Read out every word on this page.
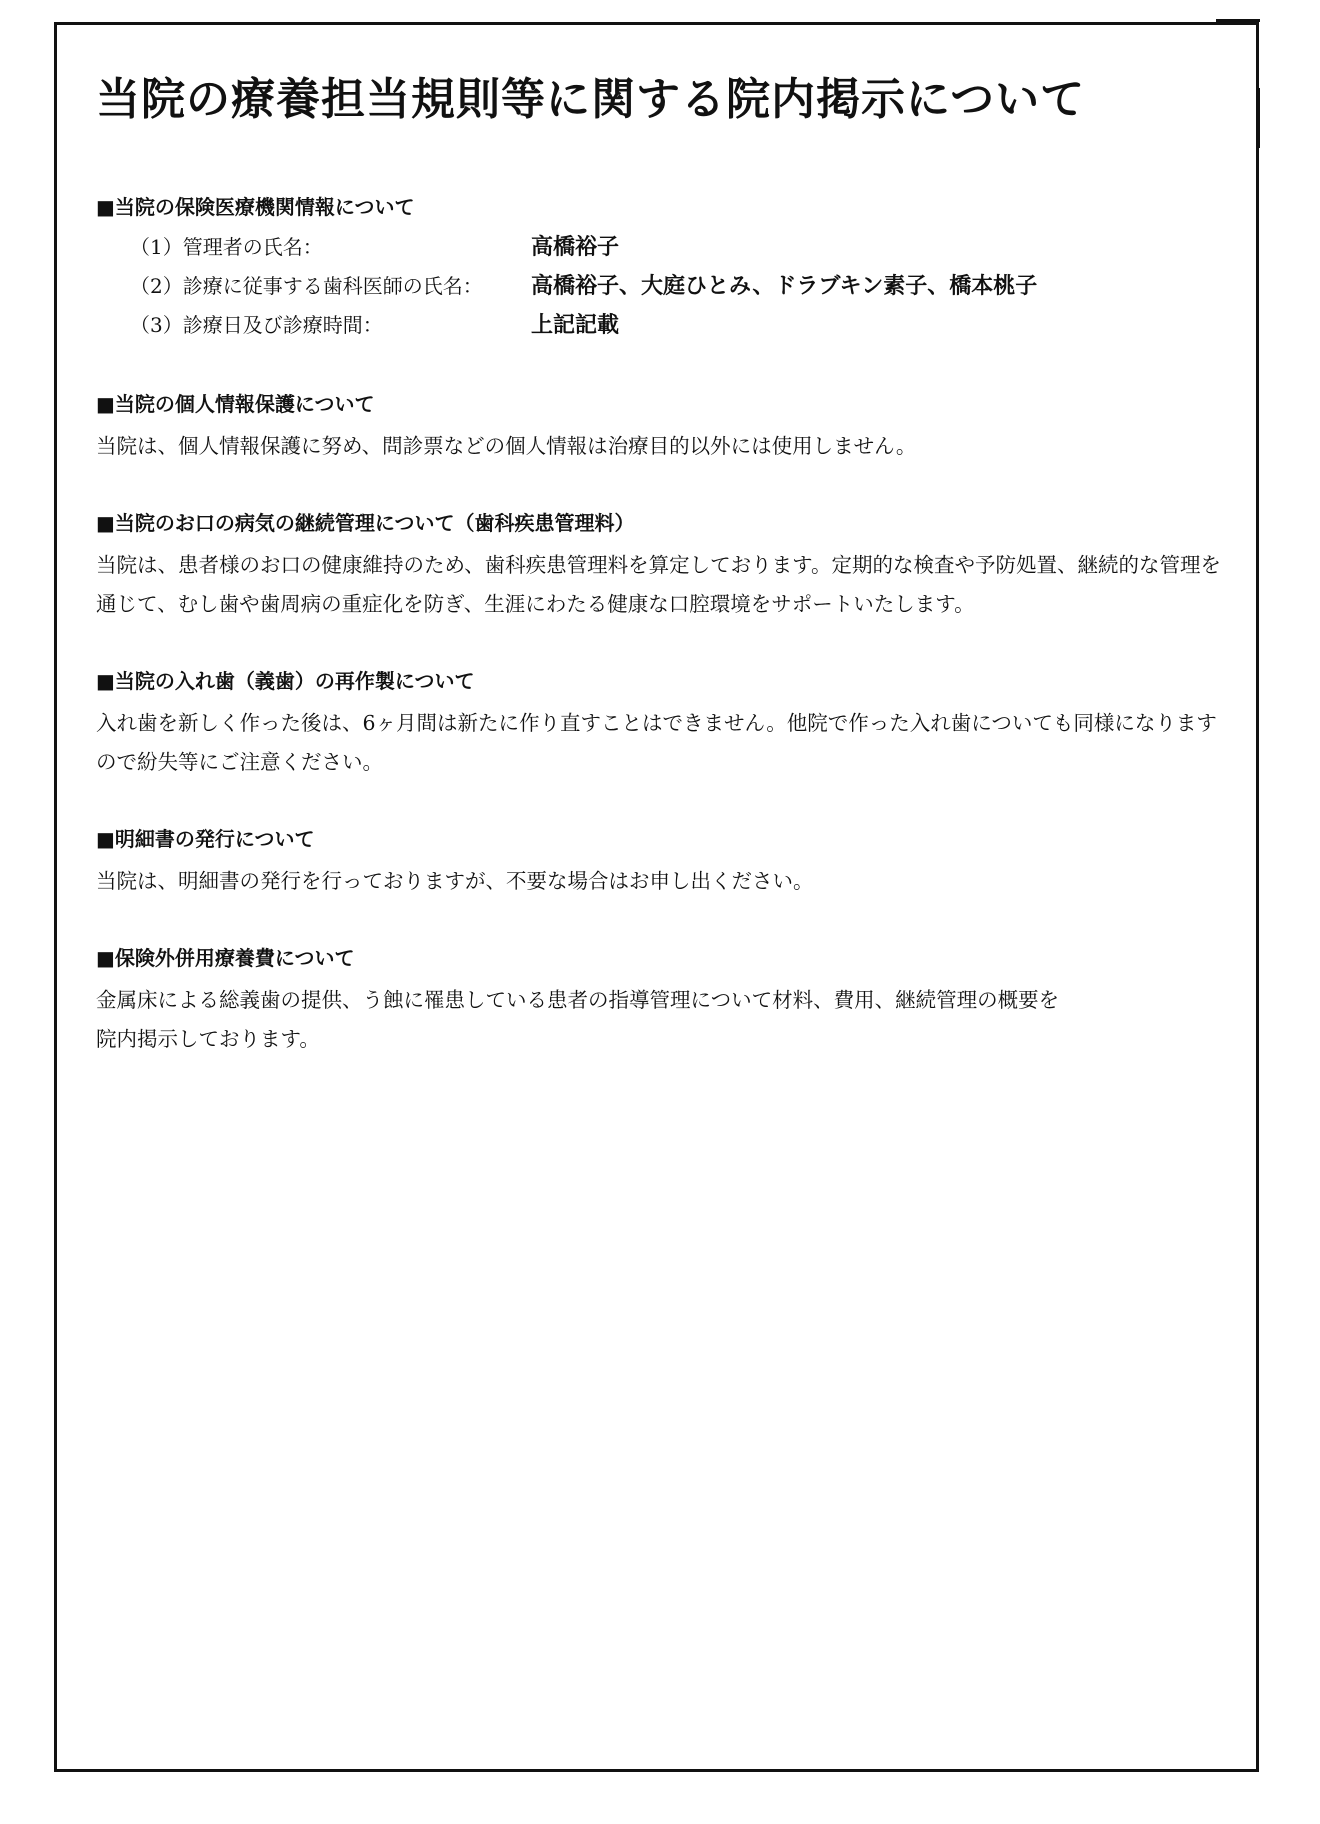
当院の療養担当規則等に関する院内掲示について
■当院の保険医療機関情報について
（1）管理者の氏名：	高橋裕子
（2）診療に従事する歯科医師の氏名：	高橋裕子、大庭ひとみ、ドラブキン素子、橋本桃子
（3）診療日及び診療時間：	上記記載
■当院の個人情報保護について

当院は、個人情報保護に努め、問診票などの個人情報は治療目的以外には使用しません。

■当院のお口の病気の継続管理について（歯科疾患管理料）

当院は、患者様のお口の健康維持のため、歯科疾患管理料を算定しております。定期的な検査や予防処置、継続的な管理を通じて、むし歯や歯周病の重症化を防ぎ、生涯にわたる健康な口腔環境をサポートいたします。

■当院の入れ歯（義歯）の再作製について

入れ歯を新しく作った後は、6ヶ月間は新たに作り直すことはできません。他院で作った入れ歯についても同様になりますので紛失等にご注意ください。

■明細書の発行について

当院は、明細書の発行を行っておりますが、不要な場合はお申し出ください。

■保険外併用療養費について

金属床による総義歯の提供、う蝕に罹患している患者の指導管理について材料、費用、継続管理の概要を

院内掲示しております。
